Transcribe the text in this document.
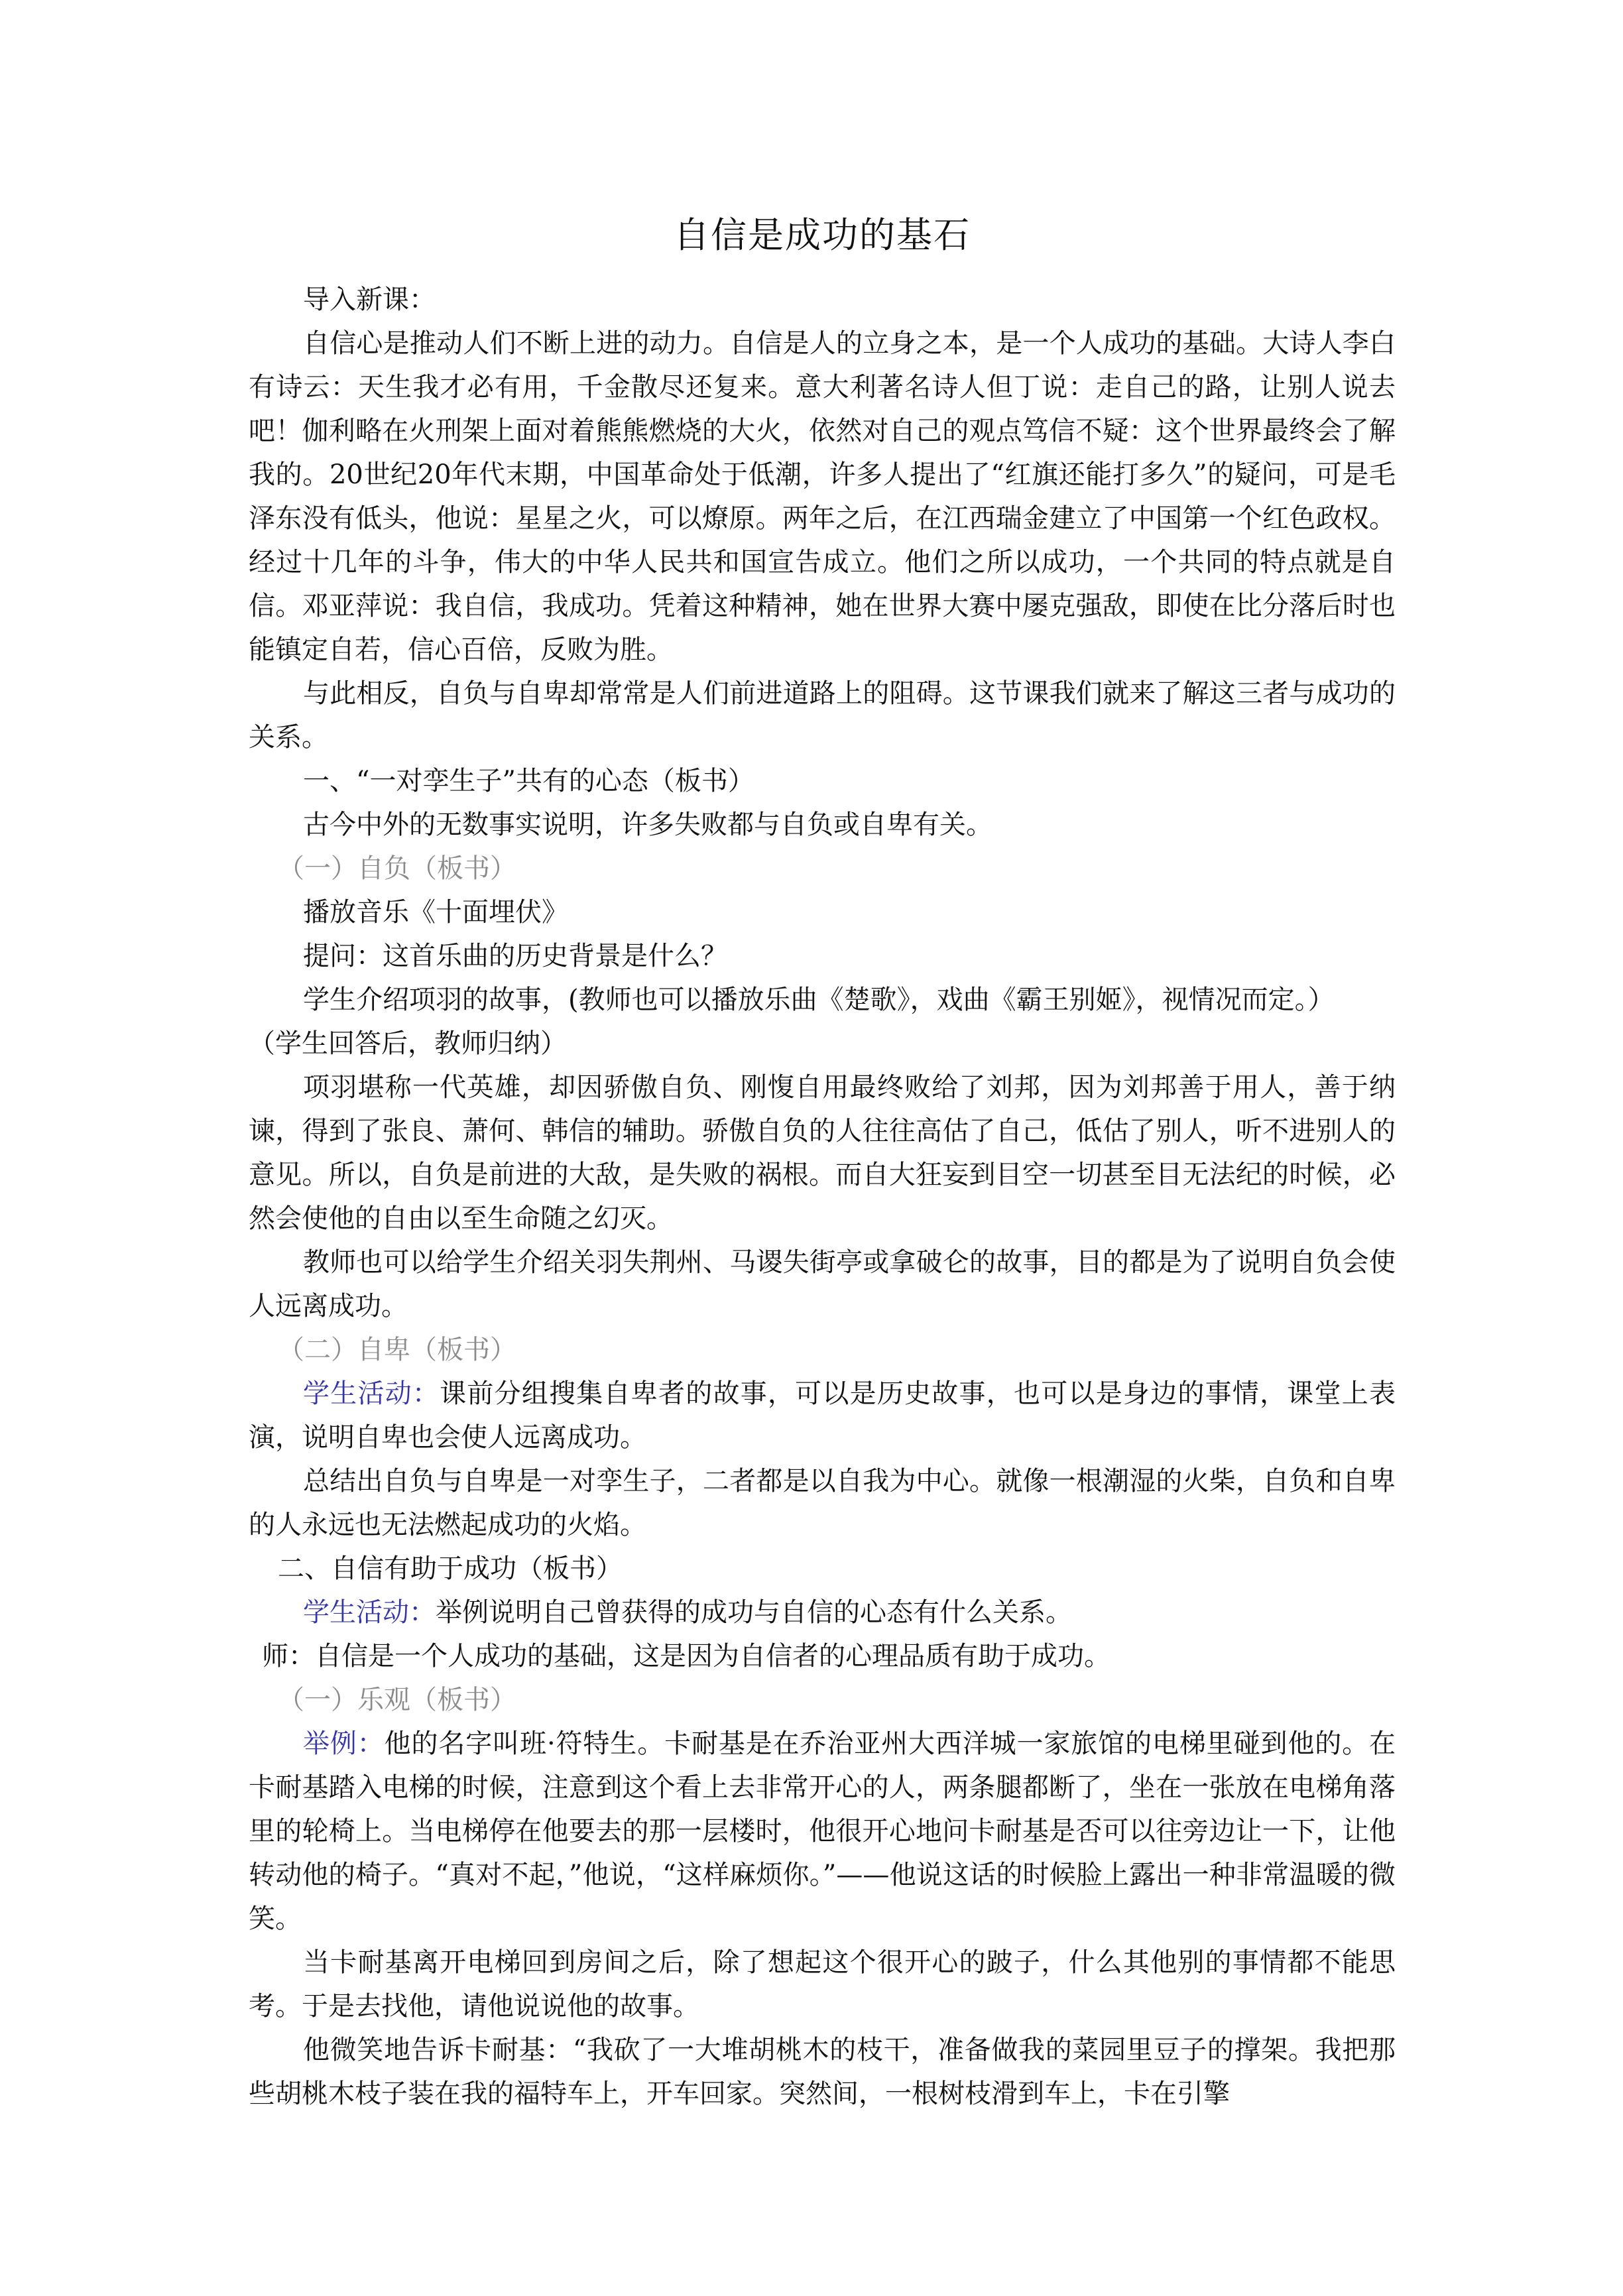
自信是成功的基石

导入新课：

自信心是推动人们不断上进的动力。自信是人的立身之本，是一个人成功的基础。大诗人李白有诗云：天生我才必有用，千金散尽还复来。意大利著名诗人但丁说：走自己的路，让别人说去吧！伽利略在火刑架上面对着熊熊燃烧的大火，依然对自己的观点笃信不疑：这个世界最终会了解我的。20世纪20年代末期，中国革命处于低潮，许多人提出了“红旗还能打多久”的疑问，可是毛泽东没有低头，他说：星星之火，可以燎原。两年之后，在江西瑞金建立了中国第一个红色政权。经过十几年的斗争，伟大的中华人民共和国宣告成立。他们之所以成功，一个共同的特点就是自信。邓亚萍说：我自信，我成功。凭着这种精神，她在世界大赛中屡克强敌，即使在比分落后时也能镇定自若，信心百倍，反败为胜。

与此相反，自负与自卑却常常是人们前进道路上的阻碍。这节课我们就来了解这三者与成功的关系。

一、“一对孪生子”共有的心态（板书）

古今中外的无数事实说明，许多失败都与自负或自卑有关。

（一）自负（板书）

播放音乐《十面埋伏》

提问：这首乐曲的历史背景是什么？

学生介绍项羽的故事，(教师也可以播放乐曲《楚歌》，戏曲《霸王别姬》，视情况而定。）

（学生回答后，教师归纳）

项羽堪称一代英雄，却因骄傲自负、刚愎自用最终败给了刘邦，因为刘邦善于用人，善于纳谏，得到了张良、萧何、韩信的辅助。骄傲自负的人往往高估了自己，低估了别人，听不进别人的意见。所以，自负是前进的大敌，是失败的祸根。而自大狂妄到目空一切甚至目无法纪的时候，必然会使他的自由以至生命随之幻灭。

教师也可以给学生介绍关羽失荆州、马谡失街亭或拿破仑的故事，目的都是为了说明自负会使人远离成功。

（二）自卑（板书）

学生活动：课前分组搜集自卑者的故事，可以是历史故事，也可以是身边的事情，课堂上表演，说明自卑也会使人远离成功。

总结出自负与自卑是一对孪生子，二者都是以自我为中心。就像一根潮湿的火柴，自负和自卑的人永远也无法燃起成功的火焰。

二、自信有助于成功（板书）

学生活动：举例说明自己曾获得的成功与自信的心态有什么关系。

师：自信是一个人成功的基础，这是因为自信者的心理品质有助于成功。

（一）乐观（板书）

举例：他的名字叫班·符特生。卡耐基是在乔治亚州大西洋城一家旅馆的电梯里碰到他的。在卡耐基踏入电梯的时候，注意到这个看上去非常开心的人，两条腿都断了，坐在一张放在电梯角落里的轮椅上。当电梯停在他要去的那一层楼时，他很开心地问卡耐基是否可以往旁边让一下，让他转动他的椅子。“真对不起，”他说，“这样麻烦你。”——他说这话的时候脸上露出一种非常温暖的微笑。

当卡耐基离开电梯回到房间之后，除了想起这个很开心的跛子，什么其他别的事情都不能思考。于是去找他，请他说说他的故事。

他微笑地告诉卡耐基：“我砍了一大堆胡桃木的枝干，准备做我的菜园里豆子的撑架。我把那些胡桃木枝子装在我的福特车上，开车回家。突然间，一根树枝滑到车上，卡在引擎
